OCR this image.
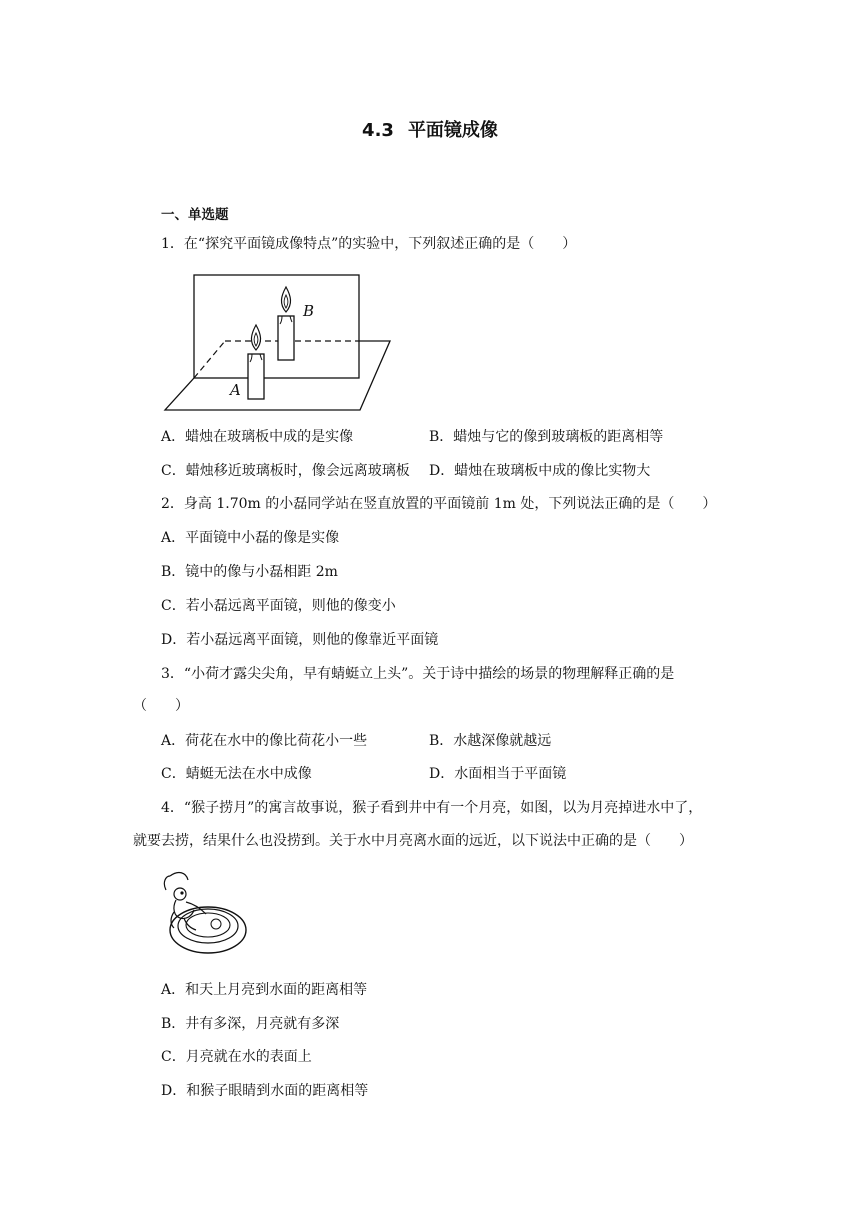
4.3 平面镜成像
一、单选题
1．在“探究平面镜成像特点”的实验中，下列叙述正确的是（　　）
B
A
A．蜡烛在玻璃板中成的是实像	B．蜡烛与它的像到玻璃板的距离相等
C．蜡烛移近玻璃板时，像会远离玻璃板 D．蜡烛在玻璃板中成的像比实物大
2．身高 1.70m 的小磊同学站在竖直放置的平面镜前 1m 处，下列说法正确的是（　　）
A．平面镜中小磊的像是实像
B．镜中的像与小磊相距 2m
C．若小磊远离平面镜，则他的像变小
D．若小磊远离平面镜，则他的像靠近平面镜
3．“小荷才露尖尖角，早有蜻蜓立上头”。关于诗中描绘的场景的物理解释正确的是
（　　）
A．荷花在水中的像比荷花小一些	B．水越深像就越远
C．蜻蜓无法在水中成像	D．水面相当于平面镜
4．“猴子捞月”的寓言故事说，猴子看到井中有一个月亮，如图，以为月亮掉进水中了，
就要去捞，结果什么也没捞到。关于水中月亮离水面的远近，以下说法中正确的是（　　）
A．和天上月亮到水面的距离相等
B．井有多深，月亮就有多深
C．月亮就在水的表面上
D．和猴子眼睛到水面的距离相等
